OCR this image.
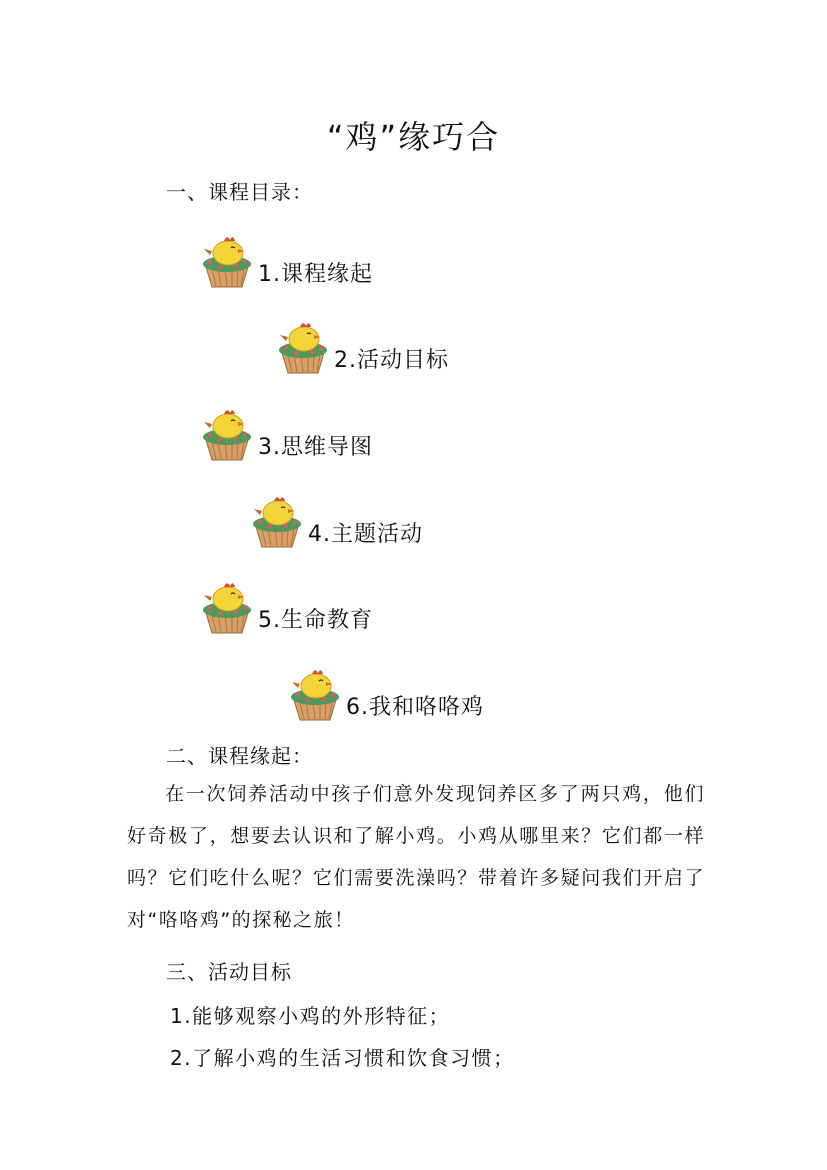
“鸡”缘巧合
一、课程目录：
1.课程缘起
2.活动目标
3.思维导图
4.主题活动
5.生命教育
6.我和咯咯鸡
二、课程缘起：

在一次饲养活动中孩子们意外发现饲养区多了两只鸡，他们好奇极了，想要去认识和了解小鸡。小鸡从哪里来？它们都一样吗？它们吃什么呢？它们需要洗澡吗？带着许多疑问我们开启了对“咯咯鸡”的探秘之旅！

三、活动目标
1.能够观察小鸡的外形特征；
2.了解小鸡的生活习惯和饮食习惯；
